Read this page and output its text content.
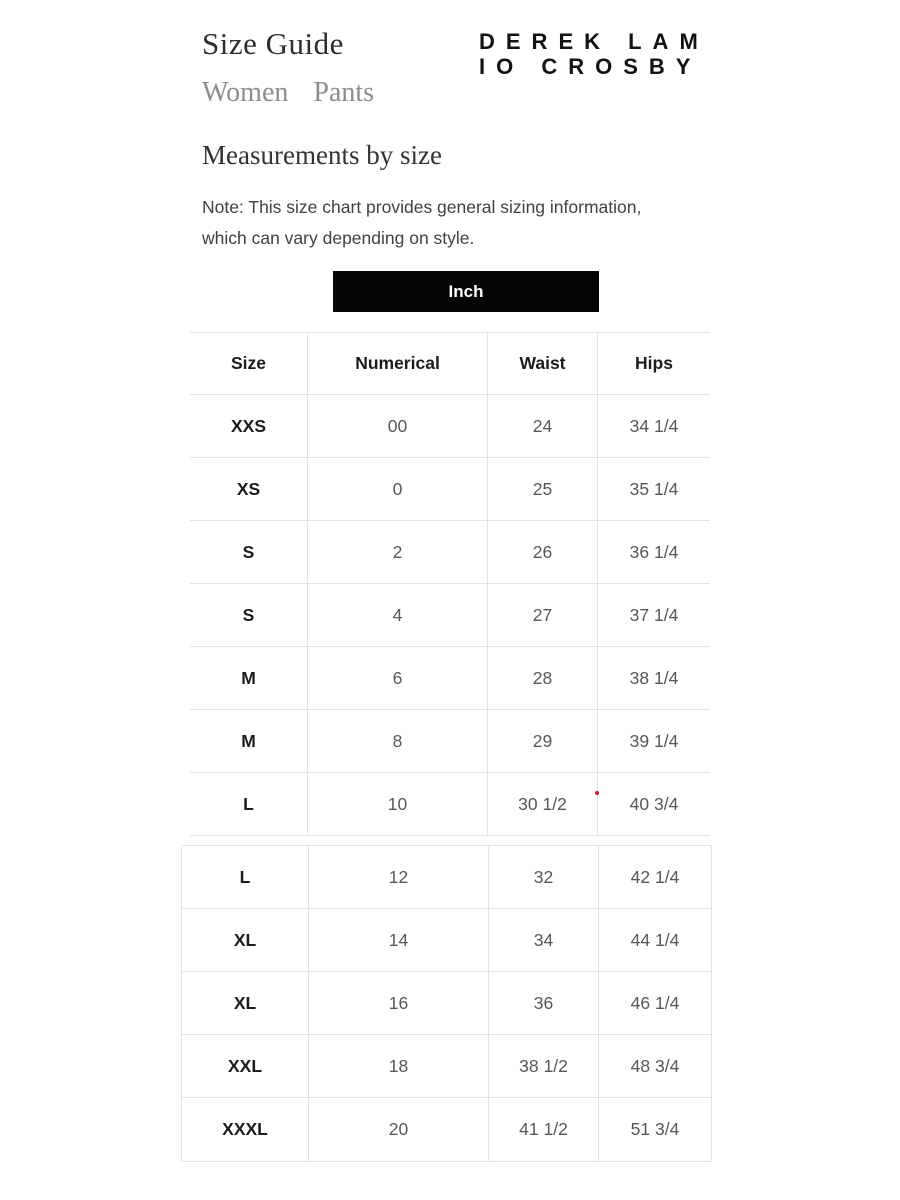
Size Guide
Women Pants
DEREK LAM
IO CROSBY
Measurements by size
Note: This size chart provides general sizing information,
which can vary depending on style.
Inch
Size	Numerical	Waist	Hips
XXS	00	24	34 1/4
XS	0	25	35 1/4
S	2	26	36 1/4
S	4	27	37 1/4
M	6	28	38 1/4
M	8	29	39 1/4
L	10	30 1/2	40 3/4
L	12	32	42 1/4
XL	14	34	44 1/4
XL	16	36	46 1/4
XXL	18	38 1/2	48 3/4
XXXL	20	41 1/2	51 3/4
